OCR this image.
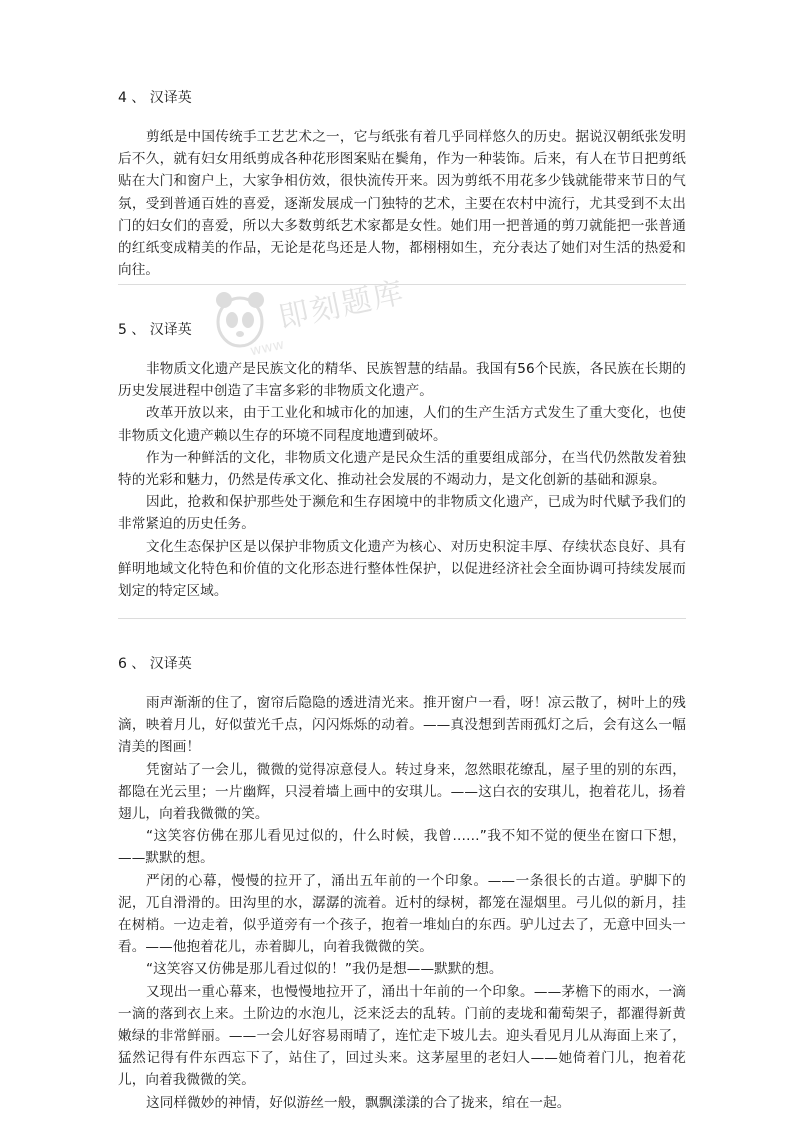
即刻题库
www
4 、 汉译英

剪纸是中国传统手工艺艺术之一，它与纸张有着几乎同样悠久的历史。据说汉朝纸张发明后不久，就有妇女用纸剪成各种花形图案贴在鬓角，作为一种装饰。后来，有人在节日把剪纸贴在大门和窗户上，大家争相仿效，很快流传开来。因为剪纸不用花多少钱就能带来节日的气氛，受到普通百姓的喜爱，逐渐发展成一门独特的艺术，主要在农村中流行，尤其受到不太出门的妇女们的喜爱，所以大多数剪纸艺术家都是女性。她们用一把普通的剪刀就能把一张普通的红纸变成精美的作品，无论是花鸟还是人物，都栩栩如生，充分表达了她们对生活的热爱和向往。

5 、 汉译英

非物质文化遗产是民族文化的精华、民族智慧的结晶。我国有56个民族，各民族在长期的历史发展进程中创造了丰富多彩的非物质文化遗产。

改革开放以来，由于工业化和城市化的加速，人们的生产生活方式发生了重大变化，也使非物质文化遗产赖以生存的环境不同程度地遭到破坏。

作为一种鲜活的文化，非物质文化遗产是民众生活的重要组成部分，在当代仍然散发着独特的光彩和魅力，仍然是传承文化、推动社会发展的不竭动力，是文化创新的基础和源泉。

因此，抢救和保护那些处于濒危和生存困境中的非物质文化遗产，已成为时代赋予我们的非常紧迫的历史任务。

文化生态保护区是以保护非物质文化遗产为核心、对历史积淀丰厚、存续状态良好、具有鲜明地域文化特色和价值的文化形态进行整体性保护，以促进经济社会全面协调可持续发展而划定的特定区域。

6 、 汉译英

雨声渐渐的住了，窗帘后隐隐的透进清光来。推开窗户一看，呀！凉云散了，树叶上的残滴，映着月儿，好似萤光千点，闪闪烁烁的动着。——真没想到苦雨孤灯之后，会有这么一幅清美的图画！

凭窗站了一会儿，微微的觉得凉意侵人。转过身来，忽然眼花缭乱，屋子里的别的东西，都隐在光云里；一片幽辉，只浸着墙上画中的安琪儿。——这白衣的安琪儿，抱着花儿，扬着翅儿，向着我微微的笑。

“这笑容仿佛在那儿看见过似的，什么时候，我曾……”我不知不觉的便坐在窗口下想，——默默的想。

严闭的心幕，慢慢的拉开了，涌出五年前的一个印象。——一条很长的古道。驴脚下的泥，兀自滑滑的。田沟里的水，潺潺的流着。近村的绿树，都笼在湿烟里。弓儿似的新月，挂在树梢。一边走着，似乎道旁有一个孩子，抱着一堆灿白的东西。驴儿过去了，无意中回头一看。——他抱着花儿，赤着脚儿，向着我微微的笑。

“这笑容又仿佛是那儿看过似的！”我仍是想——默默的想。

又现出一重心幕来，也慢慢地拉开了，涌出十年前的一个印象。——茅檐下的雨水，一滴一滴的落到衣上来。土阶边的水泡儿，泛来泛去的乱转。门前的麦垅和葡萄架子，都濯得新黄嫩绿的非常鲜丽。——一会儿好容易雨晴了，连忙走下坡儿去。迎头看见月儿从海面上来了，猛然记得有件东西忘下了，站住了，回过头来。这茅屋里的老妇人——她倚着门儿，抱着花儿，向着我微微的笑。

这同样微妙的神情，好似游丝一般，飘飘漾漾的合了拢来，绾在一起。
